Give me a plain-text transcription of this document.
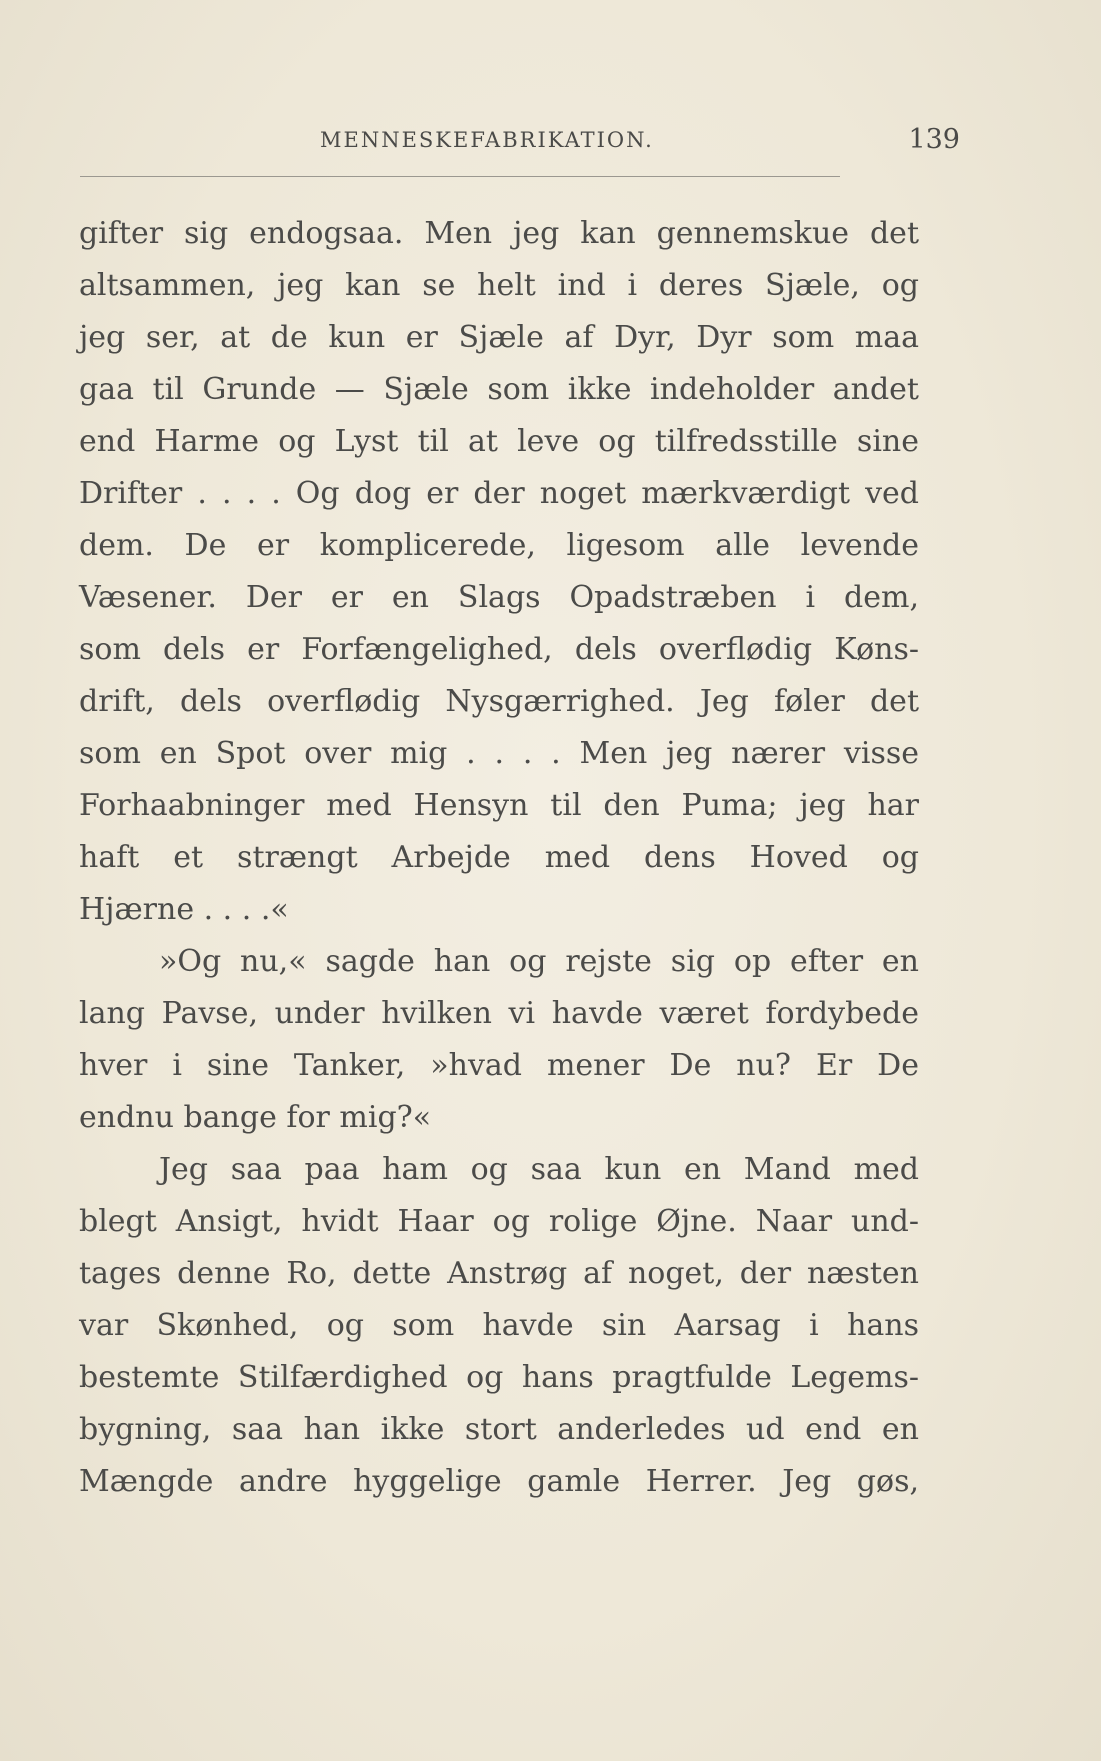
MENNESKEFABRIKATION.	139
gifter sig endogsaa. Men jeg kan gennemskue det
altsammen, jeg kan se helt ind i deres Sjæle, og
jeg ser, at de kun er Sjæle af Dyr, Dyr som maa
gaa til Grunde — Sjæle som ikke indeholder andet
end Harme og Lyst til at leve og tilfredsstille sine
Drifter . . . . Og dog er der noget mærkværdigt ved
dem. De er komplicerede, ligesom alle levende
Væsener. Der er en Slags Opadstræben i dem,
som dels er Forfængelighed, dels overflødig Køns-
drift, dels overflødig Nysgærrighed. Jeg føler det
som en Spot over mig . . . . Men jeg nærer visse
Forhaabninger med Hensyn til den Puma; jeg har
haft et strængt Arbejde med dens Hoved og
Hjærne . . . .«
»Og nu,« sagde han og rejste sig op efter en
lang Pavse, under hvilken vi havde været fordybede
hver i sine Tanker, »hvad mener De nu? Er De
endnu bange for mig?«
Jeg saa paa ham og saa kun en Mand med
blegt Ansigt, hvidt Haar og rolige Øjne. Naar und-
tages denne Ro, dette Anstrøg af noget, der næsten
var Skønhed, og som havde sin Aarsag i hans
bestemte Stilfærdighed og hans pragtfulde Legems-
bygning, saa han ikke stort anderledes ud end en
Mængde andre hyggelige gamle Herrer. Jeg gøs,
